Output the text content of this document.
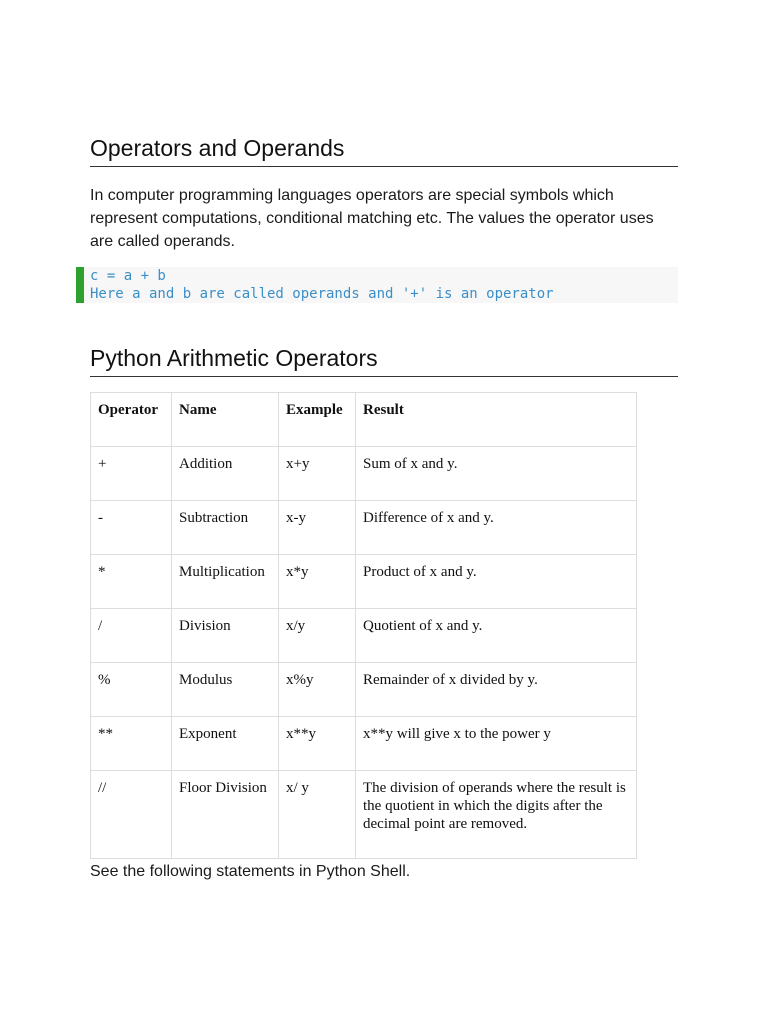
Operators and Operands

In computer programming languages operators are special symbols which represent computations, conditional matching etc. The values the operator uses are called operands.

c = a + b
Here a and b are called operands and '+' is an operator
Python Arithmetic Operators
Operator	Name	Example	Result
+	Addition	x+y	Sum of x and y.
-	Subtraction	x-y	Difference of x and y.
*	Multiplication	x*y	Product of x and y.
/	Division	x/y	Quotient of x and y.
%	Modulus	x%y	Remainder of x divided by y.
**	Exponent	x**y	x**y will give x to the power y
//	Floor Division	x/ y	The division of operands where the result is the quotient in which the digits after the decimal point are removed.

See the following statements in Python Shell.
